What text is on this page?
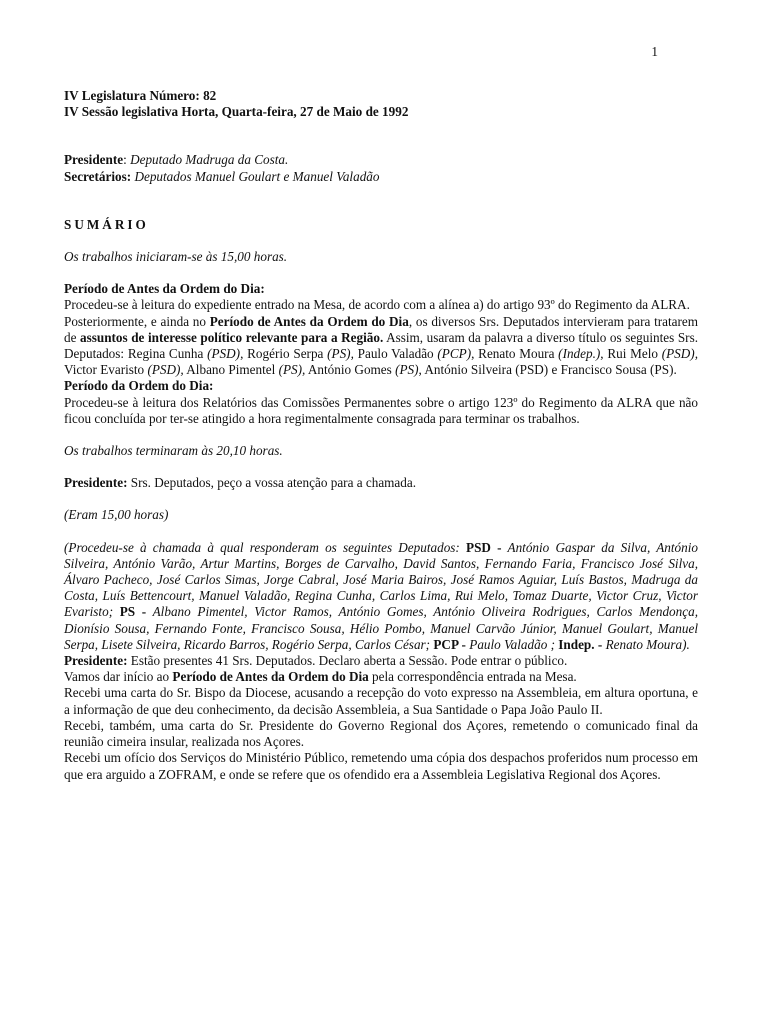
1

IV Legislatura Número: 82

IV Sessão legislativa Horta, Quarta-feira, 27 de Maio de 1992

Presidente: Deputado Madruga da Costa.

Secretários: Deputados Manuel Goulart e Manuel Valadão

SUMÁRIO

Os trabalhos iniciaram-se às 15,00 horas.

Período de Antes da Ordem do Dia:

Procedeu-se à leitura do expediente entrado na Mesa, de acordo com a alínea a) do artigo 93º do Regimento da ALRA.

Posteriormente, e ainda no Período de Antes da Ordem do Dia, os diversos Srs. Deputados intervieram para tratarem de assuntos de interesse político relevante para a Região. Assim, usaram da palavra a diverso título os seguintes Srs. Deputados: Regina Cunha (PSD), Rogério Serpa (PS), Paulo Valadão (PCP), Renato Moura (Indep.), Rui Melo (PSD), Victor Evaristo (PSD), Albano Pimentel (PS), António Gomes (PS), António Silveira (PSD) e Francisco Sousa (PS).

Período da Ordem do Dia:

Procedeu-se à leitura dos Relatórios das Comissões Permanentes sobre o artigo 123º do Regimento da ALRA que não ficou concluída por ter-se atingido a hora regimentalmente consagrada para terminar os trabalhos.

Os trabalhos terminaram às 20,10 horas.

Presidente: Srs. Deputados, peço a vossa atenção para a chamada.

(Eram 15,00 horas)

(Procedeu-se à chamada à qual responderam os seguintes Deputados: PSD - António Gaspar da Silva, António Silveira, António Varão, Artur Martins, Borges de Carvalho, David Santos, Fernando Faria, Francisco José Silva, Álvaro Pacheco, José Carlos Simas, Jorge Cabral, José Maria Bairos, José Ramos Aguiar, Luís Bastos, Madruga da Costa, Luís Bettencourt, Manuel Valadão, Regina Cunha, Carlos Lima, Rui Melo, Tomaz Duarte, Victor Cruz, Victor Evaristo; PS - Albano Pimentel, Victor Ramos, António Gomes, António Oliveira Rodrigues, Carlos Mendonça, Dionísio Sousa, Fernando Fonte, Francisco Sousa, Hélio Pombo, Manuel Carvão Júnior, Manuel Goulart, Manuel Serpa, Lisete Silveira, Ricardo Barros, Rogério Serpa, Carlos César; PCP - Paulo Valadão ; Indep. - Renato Moura).

Presidente: Estão presentes 41 Srs. Deputados. Declaro aberta a Sessão. Pode entrar o público.

Vamos dar início ao Período de Antes da Ordem do Dia pela correspondência entrada na Mesa.

Recebi uma carta do Sr. Bispo da Diocese, acusando a recepção do voto expresso na Assembleia, em altura oportuna, e a informação de que deu conhecimento, da decisão Assembleia, a Sua Santidade o Papa João Paulo II.

Recebi, também, uma carta do Sr. Presidente do Governo Regional dos Açores, remetendo o comunicado final da reunião cimeira insular, realizada nos Açores.

Recebi um ofício dos Serviços do Ministério Público, remetendo uma cópia dos despachos proferidos num processo em que era arguido a ZOFRAM, e onde se refere que os ofendido era a Assembleia Legislativa Regional dos Açores.
